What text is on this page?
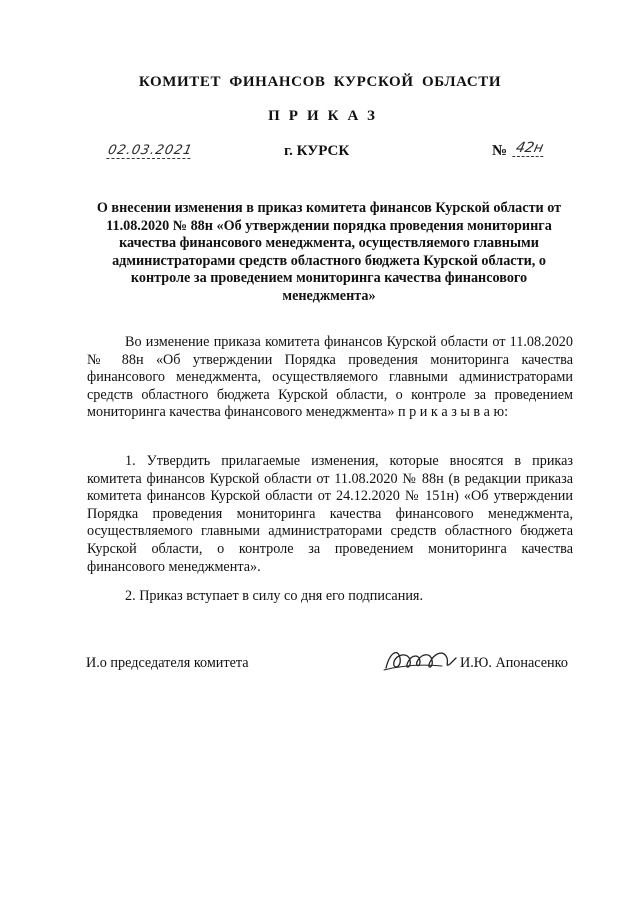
КОМИТЕТ ФИНАНСОВ КУРСКОЙ ОБЛАСТИ
ПРИКАЗ
02.03.2021	г. КУРСК	№ 42н
О внесении изменения в приказ комитета финансов Курской области от 11.08.2020 № 88н «Об утверждении порядка проведения мониторинга качества финансового менеджмента, осуществляемого главными администраторами средств областного бюджета Курской области, о контроле за проведением мониторинга качества финансового менеджмента»
Во изменение приказа комитета финансов Курской области от 11.08.2020 № 88н «Об утверждении Порядка проведения мониторинга качества финансового менеджмента, осуществляемого главными администраторами средств областного бюджета Курской области, о контроле за проведением мониторинга качества финансового менеджмента» п р и к а з ы в а ю:
1. Утвердить прилагаемые изменения, которые вносятся в приказ комитета финансов Курской области от 11.08.2020 № 88н (в редакции приказа комитета финансов Курской области от 24.12.2020 № 151н) «Об утверждении Порядка проведения мониторинга качества финансового менеджмента, осуществляемого главными администраторами средств областного бюджета Курской области, о контроле за проведением мониторинга качества финансового менеджмента».
2. Приказ вступает в силу со дня его подписания.
И.о председателя комитета	И.Ю. Апонасенко
